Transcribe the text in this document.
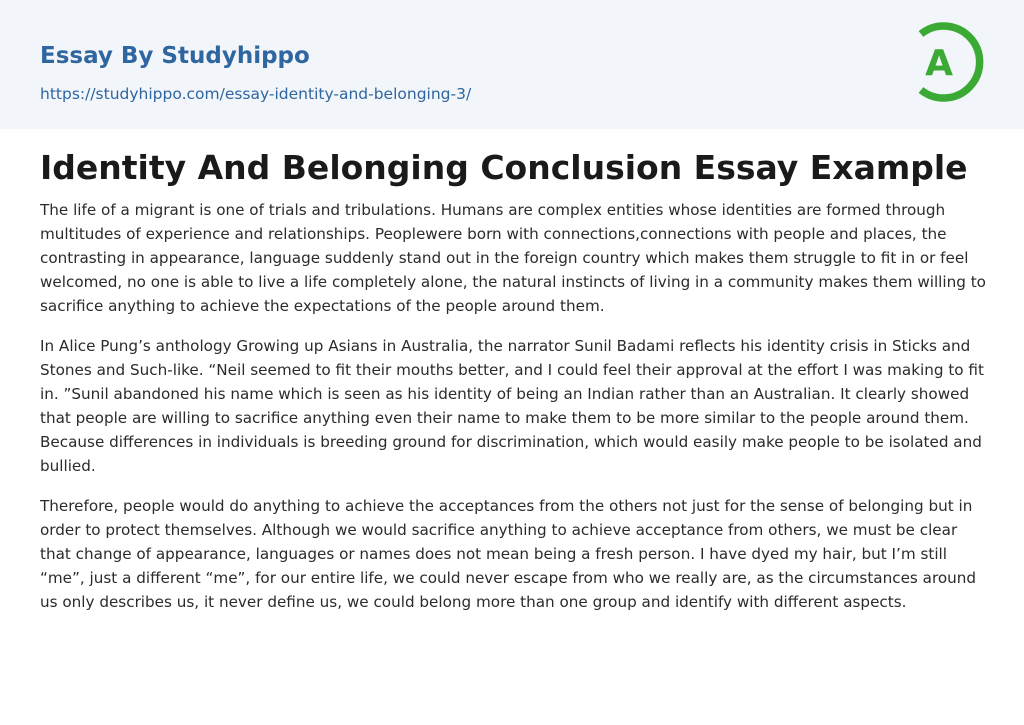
Essay By Studyhippo
https://studyhippo.com/essay-identity-and-belonging-3/
A
Identity And Belonging Conclusion Essay Example

The life of a migrant is one of trials and tribulations. Humans are complex entities whose identities are formed through multitudes of experience and relationships. Peoplewere born with connections,connections with people and places, the contrasting in appearance, language suddenly stand out in the foreign country which makes them struggle to fit in or feel welcomed, no one is able to live a life completely alone, the natural instincts of living in a community makes them willing to sacrifice anything to achieve the expectations of the people around them.

In Alice Pung’s anthology Growing up Asians in Australia, the narrator Sunil Badami reflects his identity crisis in Sticks and Stones and Such-like. “Neil seemed to fit their mouths better, and I could feel their approval at the effort I was making to fit in. ”Sunil abandoned his name which is seen as his identity of being an Indian rather than an Australian. It clearly showed that people are willing to sacrifice anything even their name to make them to be more similar to the people around them. Because differences in individuals is breeding ground for discrimination, which would easily make people to be isolated and bullied.

Therefore, people would do anything to achieve the acceptances from the others not just for the sense of belonging but in order to protect themselves. Although we would sacrifice anything to achieve acceptance from others, we must be clear that change of appearance, languages or names does not mean being a fresh person. I have dyed my hair, but I’m still “me”, just a different “me”, for our entire life, we could never escape from who we really are, as the circumstances around us only describes us, it never define us, we could belong more than one group and identify with different aspects.
